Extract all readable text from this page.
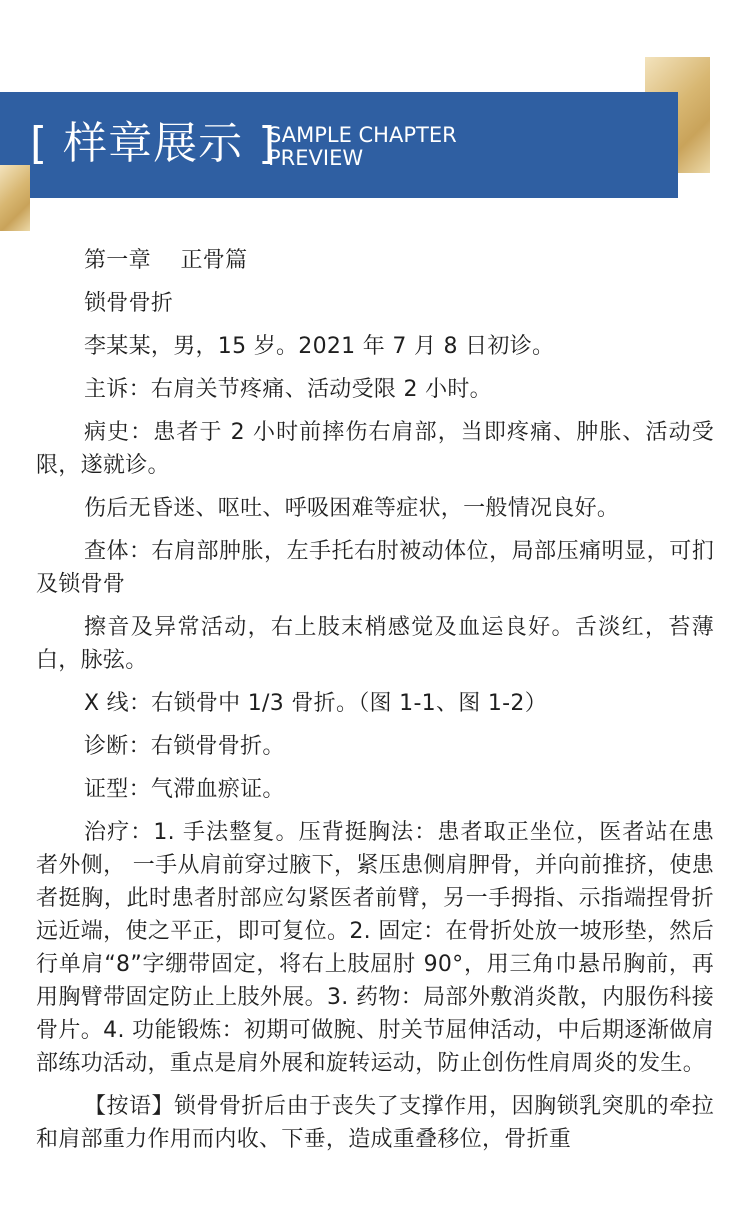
[ 样章展示 ]
SAMPLE CHAPTER
PREVIEW

第一章　 正骨篇

锁骨骨折

李某某，男，15 岁。2021 年 7 月 8 日初诊。

主诉：右肩关节疼痛、活动受限 2 小时。

病史：患者于 2 小时前摔伤右肩部，当即疼痛、肿胀、活动受限，遂就诊。

伤后无昏迷、呕吐、呼吸困难等症状，一般情况良好。

查体：右肩部肿胀，左手托右肘被动体位，局部压痛明显，可扪及锁骨骨

擦音及异常活动，右上肢末梢感觉及血运良好。舌淡红，苔薄白，脉弦。

X 线：右锁骨中 1/3 骨折。（图 1-1、图 1-2）

诊断：右锁骨骨折。

证型：气滞血瘀证。

治疗：1. 手法整复。压背挺胸法：患者取正坐位，医者站在患者外侧， 一手从肩前穿过腋下，紧压患侧肩胛骨，并向前推挤，使患者挺胸，此时患者肘部应勾紧医者前臂，另一手拇指、示指端捏骨折远近端，使之平正，即可复位。2. 固定：在骨折处放一坡形垫，然后行单肩“8”字绷带固定，将右上肢屈肘 90°，用三角巾悬吊胸前，再用胸臂带固定防止上肢外展。3. 药物：局部外敷消炎散，内服伤科接骨片。4. 功能锻炼：初期可做腕、肘关节屈伸活动，中后期逐渐做肩部练功活动，重点是肩外展和旋转运动，防止创伤性肩周炎的发生。

【按语】锁骨骨折后由于丧失了支撑作用，因胸锁乳突肌的牵拉和肩部重力作用而内收、下垂，造成重叠移位，骨折重
